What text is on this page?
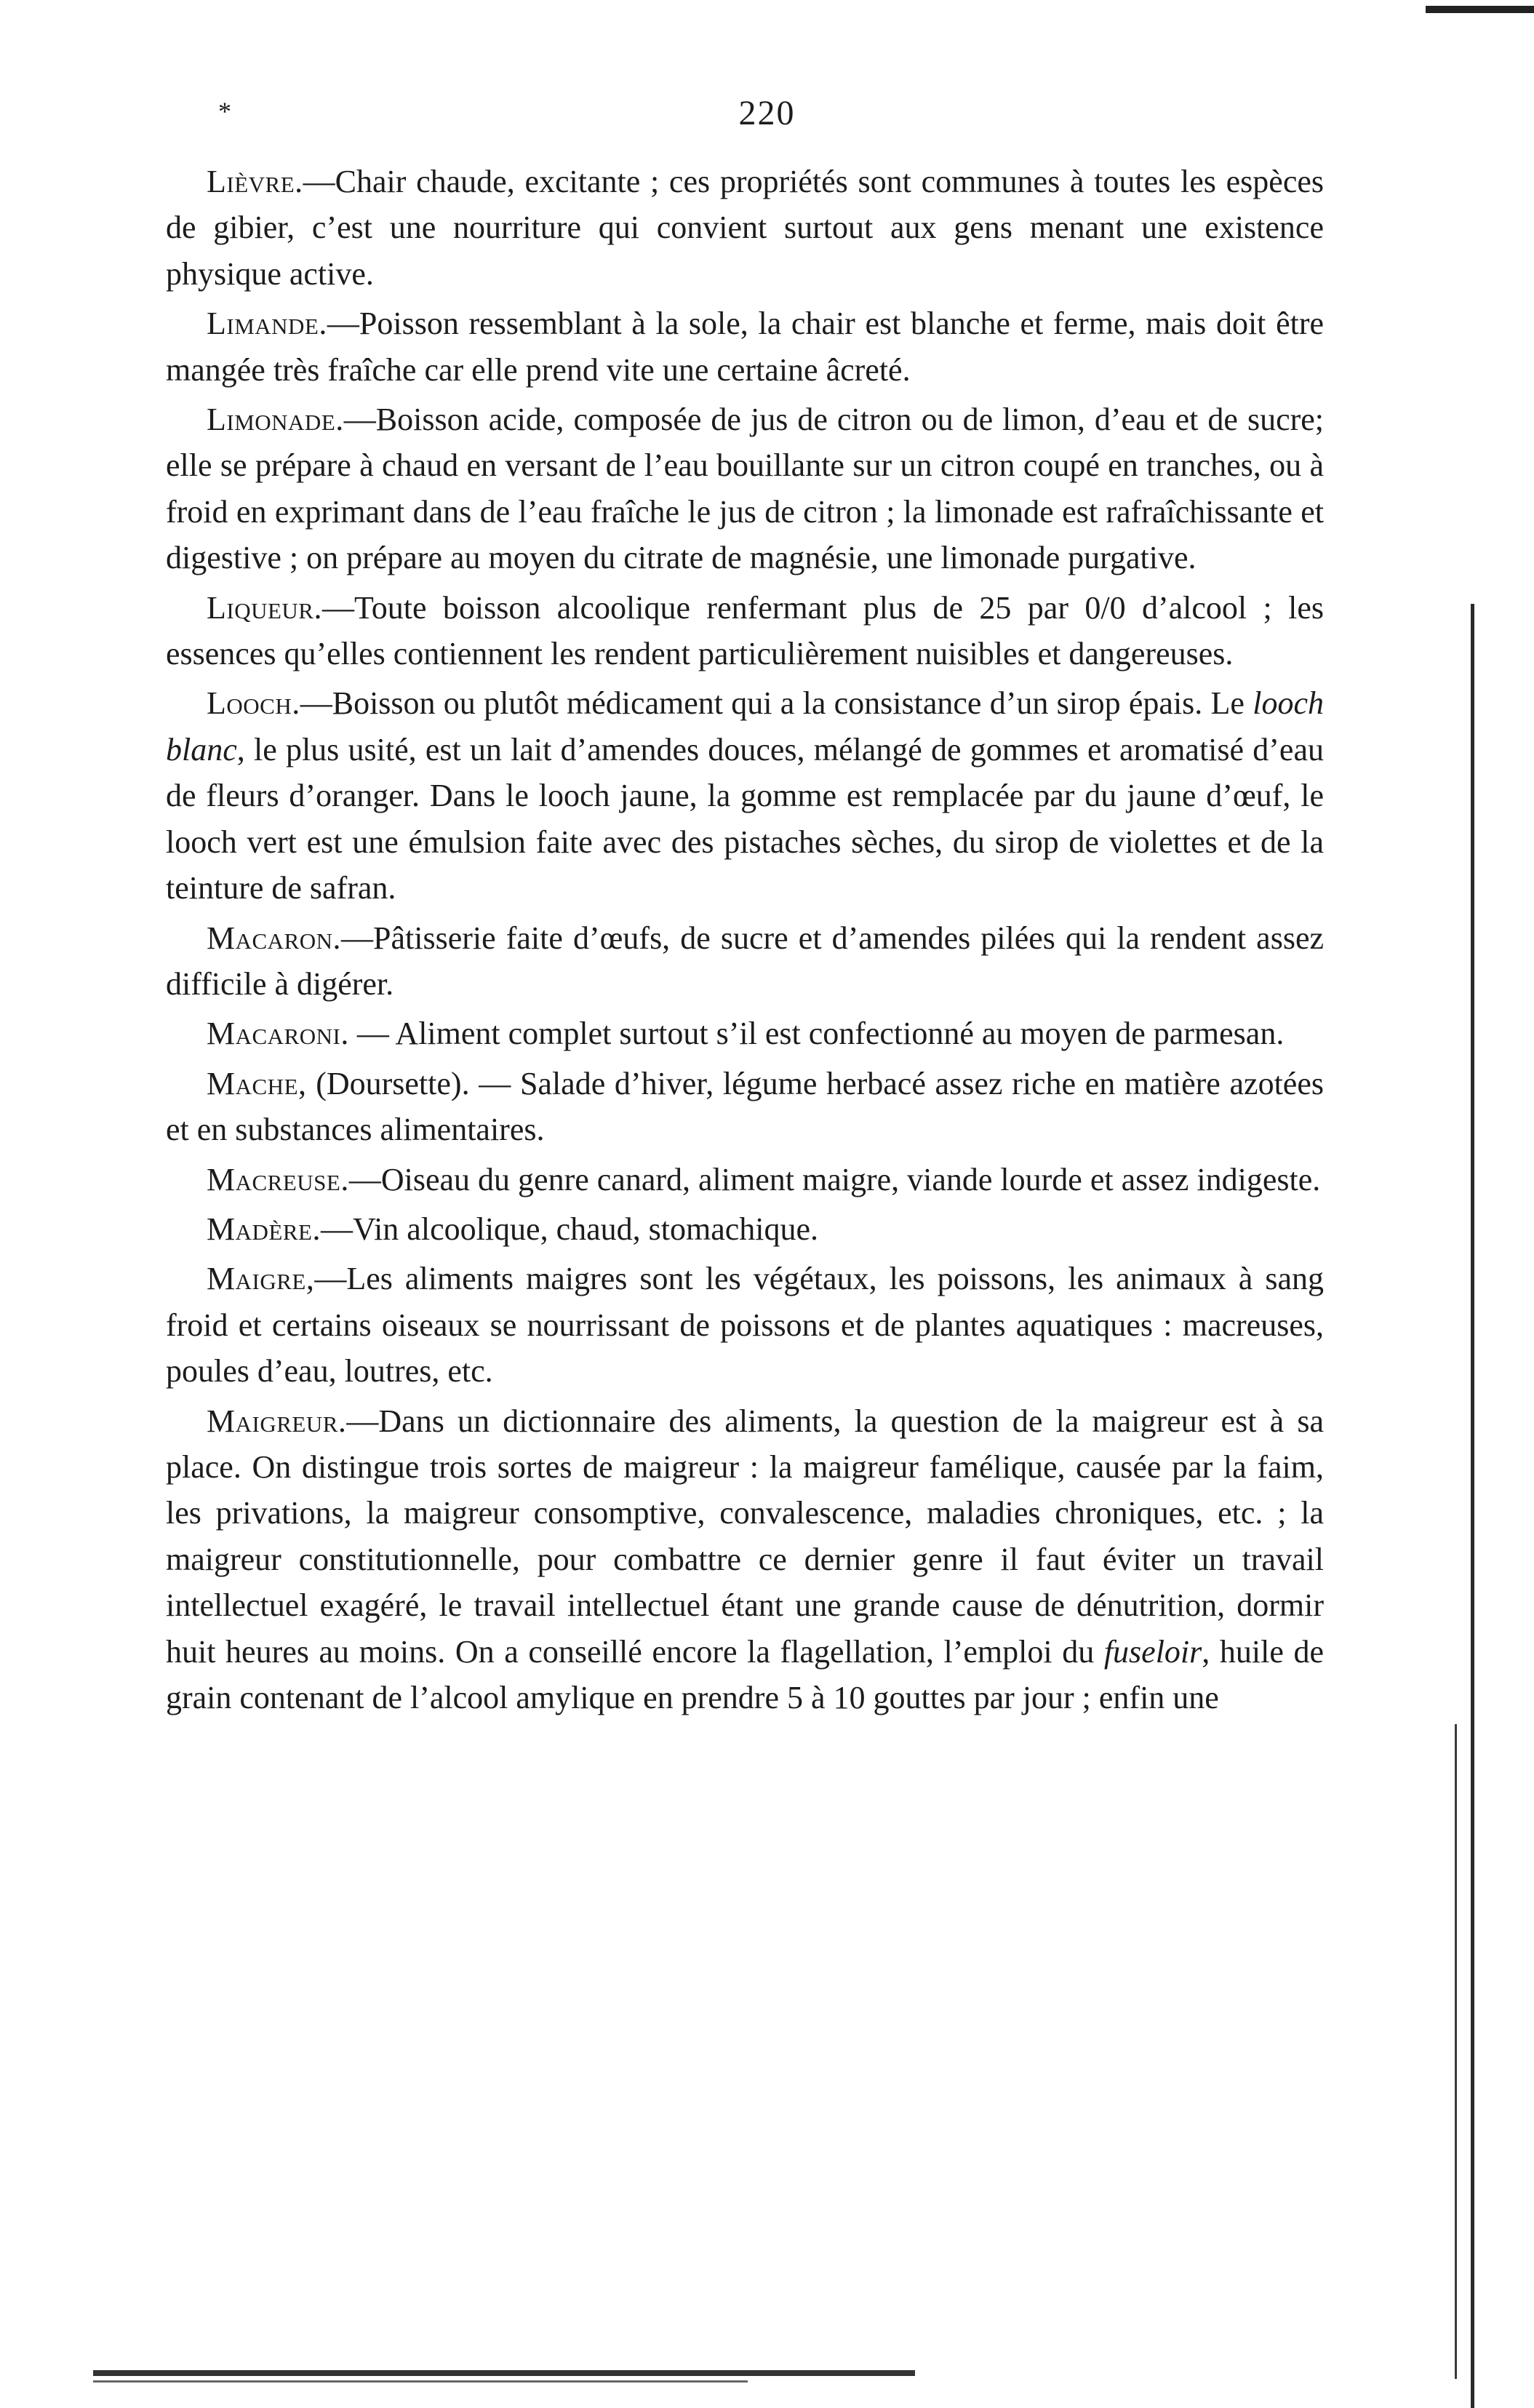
*	220

Lièvre.—Chair chaude, excitante ; ces propriétés sont communes à toutes les espèces de gibier, c’est une nourriture qui convient surtout aux gens menant une existence physique active.

Limande.—Poisson ressemblant à la sole, la chair est blanche et ferme, mais doit être mangée très fraîche car elle prend vite une certaine âcreté.

Limonade.—Boisson acide, composée de jus de citron ou de limon, d’eau et de sucre; elle se prépare à chaud en versant de l’eau bouillante sur un citron coupé en tranches, ou à froid en exprimant dans de l’eau fraîche le jus de citron ; la limonade est rafraîchissante et digestive ; on prépare au moyen du citrate de magnésie, une limonade purgative.

Liqueur.—Toute boisson alcoolique renfermant plus de 25 par 0/0 d’alcool ; les essences qu’elles contiennent les rendent particulièrement nuisibles et dangereuses.

Looch.—Boisson ou plutôt médicament qui a la consistance d’un sirop épais. Le looch blanc, le plus usité, est un lait d’amendes douces, mélangé de gommes et aromatisé d’eau de fleurs d’oranger. Dans le looch jaune, la gomme est remplacée par du jaune d’œuf, le looch vert est une émulsion faite avec des pistaches sèches, du sirop de violettes et de la teinture de safran.

Macaron.—Pâtisserie faite d’œufs, de sucre et d’amendes pilées qui la rendent assez difficile à digérer.

Macaroni. — Aliment complet surtout s’il est confectionné au moyen de parmesan.

Mache, (Doursette). — Salade d’hiver, légume herbacé assez riche en matière azotées et en substances alimentaires.

Macreuse.—Oiseau du genre canard, aliment maigre, viande lourde et assez indigeste.

Madère.—Vin alcoolique, chaud, stomachique.

Maigre,—Les aliments maigres sont les végétaux, les poissons, les animaux à sang froid et certains oiseaux se nourrissant de poissons et de plantes aquatiques : macreuses, poules d’eau, loutres, etc.

Maigreur.—Dans un dictionnaire des aliments, la question de la maigreur est à sa place. On distingue trois sortes de maigreur : la maigreur famélique, causée par la faim, les privations, la maigreur consomptive, convalescence, maladies chroniques, etc. ; la maigreur constitutionnelle, pour combattre ce dernier genre il faut éviter un travail intellectuel exagéré, le travail intellectuel étant une grande cause de dénutrition, dormir huit heures au moins. On a conseillé encore la flagellation, l’emploi du fuseloir, huile de grain contenant de l’alcool amylique en prendre 5 à 10 gouttes par jour ; enfin une
